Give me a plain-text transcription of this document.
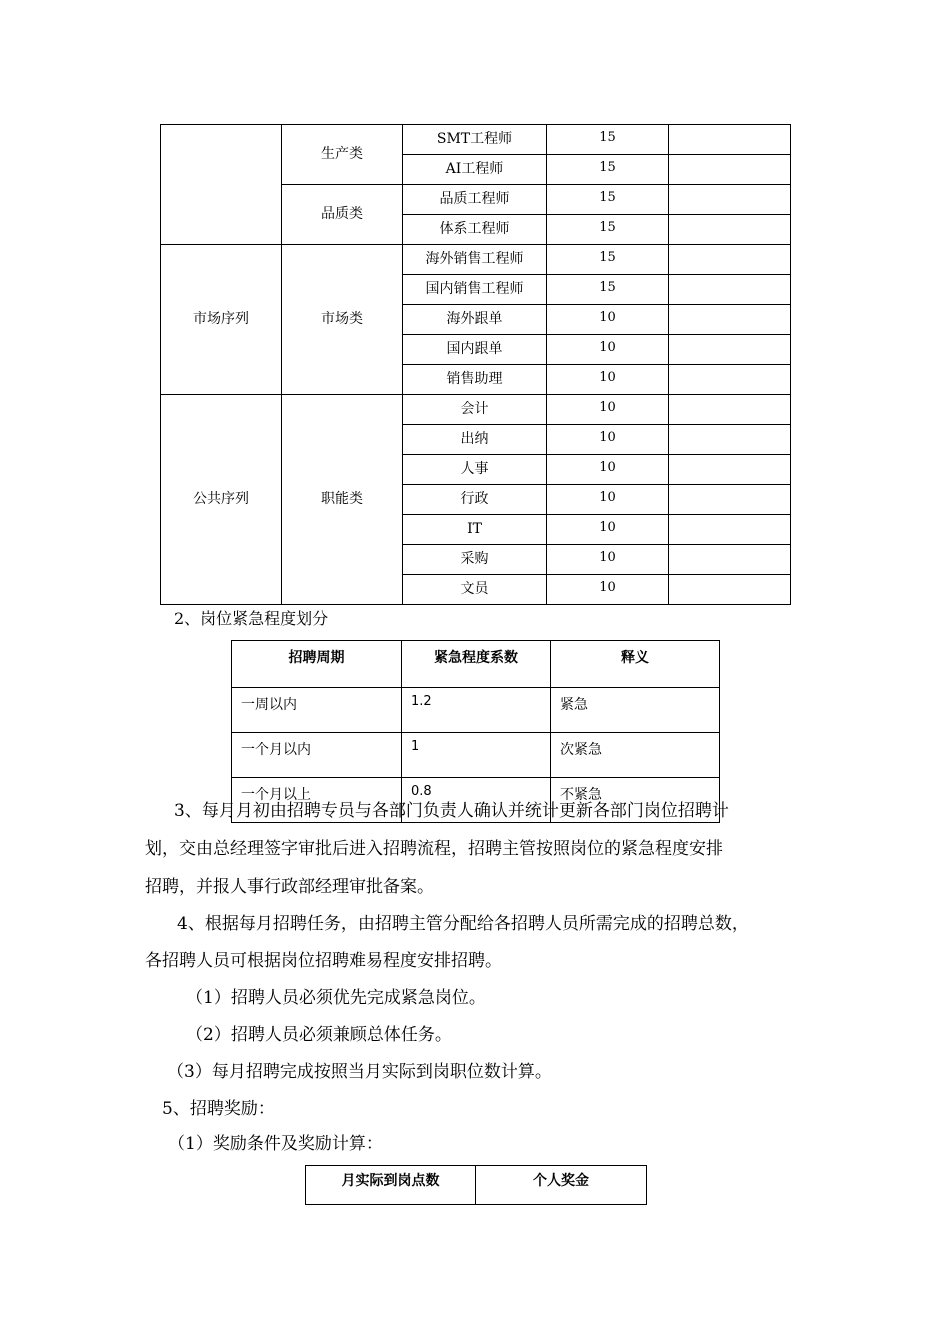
	生产类	SMT工程师	15	
		AI工程师	15	
	品质类	品质工程师	15	
		体系工程师	15	
市场序列	市场类	海外销售工程师	15	
		国内销售工程师	15	
		海外跟单	10	
		国内跟单	10	
		销售助理	10	
公共序列	职能类	会计	10	
		出纳	10	
		人事	10	
		行政	10	
		IT	10	
		采购	10	
		文员	10	

2、岗位紧急程度划分

招聘周期	紧急程度系数	释义
一周以内	1.2	紧急
一个月以内	1	次紧急
一个月以上	0.8	不紧急

3、每月月初由招聘专员与各部门负责人确认并统计更新各部门岗位招聘计

划，交由总经理签字审批后进入招聘流程，招聘主管按照岗位的紧急程度安排

招聘，并报人事行政部经理审批备案。

4、根据每月招聘任务，由招聘主管分配给各招聘人员所需完成的招聘总数，

各招聘人员可根据岗位招聘难易程度安排招聘。

（1）招聘人员必须优先完成紧急岗位。

（2）招聘人员必须兼顾总体任务。

（3）每月招聘完成按照当月实际到岗职位数计算。

5、招聘奖励：

（1）奖励条件及奖励计算：

月实际到岗点数	个人奖金
